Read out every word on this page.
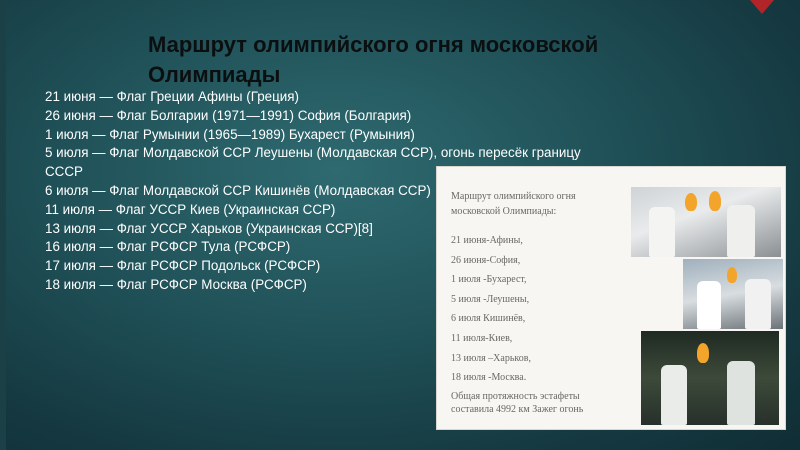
Маршрут олимпийского огня московской Олимпиады
21 июня — Флаг Греции Афины (Греция)
26 июня — Флаг Болгарии (1971—1991) София (Болгария)
1 июля — Флаг Румынии (1965—1989) Бухарест (Румыния)
5 июля — Флаг Молдавской ССР Леушены (Молдавская ССР), огонь пересёк границу СССР
6 июля — Флаг Молдавской ССР Кишинёв (Молдавская ССР)
11 июля — Флаг УССР Киев (Украинская ССР)
13 июля — Флаг УССР Харьков (Украинская ССР)[8]
16 июля — Флаг РСФСР Тула (РСФСР)
17 июля — Флаг РСФСР Подольск (РСФСР)
18 июля — Флаг РСФСР Москва (РСФСР)
Маршрут олимпийского огня московской Олимпиады:
21 июня-Афины,
26 июня-София,
1 июля -Бухарест,
5 июля -Леушены,
6 июля Кишинёв,
11 июля-Киев,
13 июля –Харьков,
18 июля -Москва.
Общая протяжность эстафеты составила 4992 км Зажег огонь
▸
